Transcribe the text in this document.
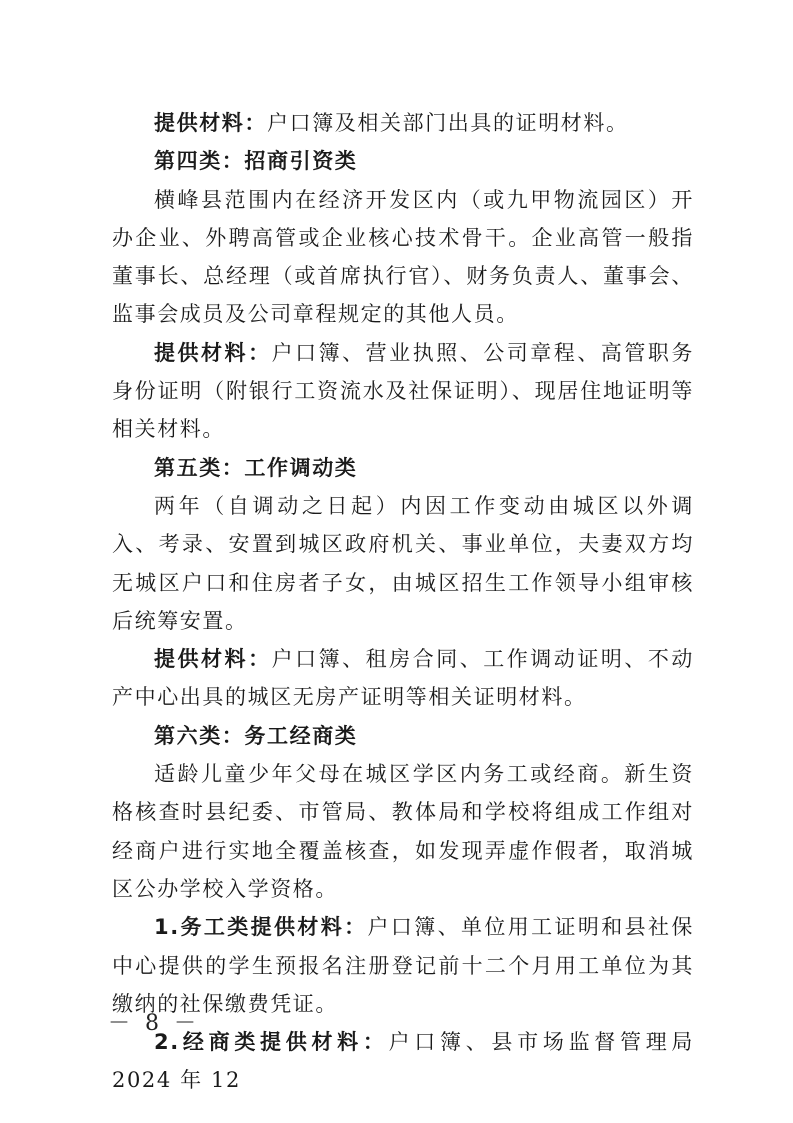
提供材料：户口簿及相关部门出具的证明材料。

第四类：招商引资类

横峰县范围内在经济开发区内（或九甲物流园区）开办企业、外聘高管或企业核心技术骨干。企业高管一般指董事长、总经理（或首席执行官）、财务负责人、董事会、监事会成员及公司章程规定的其他人员。

提供材料：户口簿、营业执照、公司章程、高管职务身份证明（附银行工资流水及社保证明）、现居住地证明等相关材料。

第五类：工作调动类

两年（自调动之日起）内因工作变动由城区以外调入、考录、安置到城区政府机关、事业单位，夫妻双方均无城区户口和住房者子女，由城区招生工作领导小组审核后统筹安置。

提供材料：户口簿、租房合同、工作调动证明、不动产中心出具的城区无房产证明等相关证明材料。

第六类：务工经商类

适龄儿童少年父母在城区学区内务工或经商。新生资格核查时县纪委、市管局、教体局和学校将组成工作组对经商户进行实地全覆盖核查，如发现弄虚作假者，取消城区公办学校入学资格。

1.务工类提供材料：户口簿、单位用工证明和县社保中心提供的学生预报名注册登记前十二个月用工单位为其缴纳的社保缴费凭证。

2.经商类提供材料：户口簿、县市场监督管理局 2024 年 12

－ 8 －
